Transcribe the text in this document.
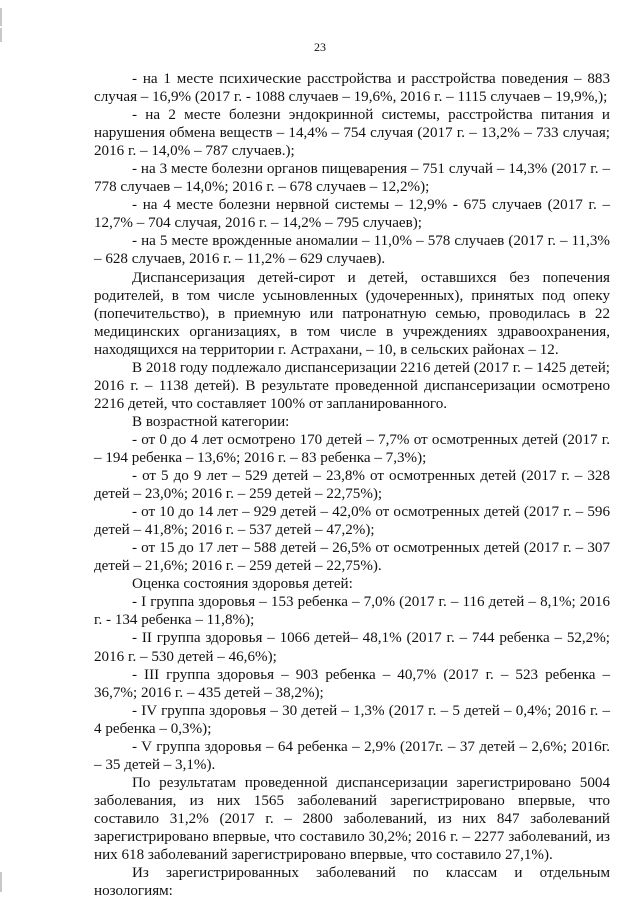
23

- на 1 месте психические расстройства и расстройства поведения – 883 случая – 16,9% (2017 г. - 1088 случаев – 19,6%, 2016 г. – 1115 случаев – 19,9%,);

- на 2 месте болезни эндокринной системы, расстройства питания и нарушения обмена веществ – 14,4% – 754 случая (2017 г. – 13,2% – 733 случая; 2016 г. – 14,0% – 787 случаев.);

- на 3 месте болезни органов пищеварения – 751 случай – 14,3% (2017 г. – 778 случаев – 14,0%; 2016 г. – 678 случаев – 12,2%);

- на 4 месте болезни нервной системы – 12,9% - 675 случаев (2017 г. – 12,7% – 704 случая, 2016 г. – 14,2% – 795 случаев);

- на 5 месте врожденные аномалии – 11,0% – 578 случаев (2017 г. – 11,3% – 628 случаев, 2016 г. – 11,2% – 629 случаев).

Диспансеризация детей-сирот и детей, оставшихся без попечения родителей, в том числе усыновленных (удочеренных), принятых под опеку (попечительство), в приемную или патронатную семью, проводилась в 22 медицинских организациях, в том числе в учреждениях здравоохранения, находящихся на территории г. Астрахани, – 10, в сельских районах – 12.

В 2018 году подлежало диспансеризации 2216 детей (2017 г. – 1425 детей; 2016 г. – 1138 детей). В результате проведенной диспансеризации осмотрено 2216 детей, что составляет 100% от запланированного.

В возрастной категории:

- от 0 до 4 лет осмотрено 170 детей – 7,7% от осмотренных детей (2017 г. – 194 ребенка – 13,6%; 2016 г. – 83 ребенка – 7,3%);

- от 5 до 9 лет – 529 детей – 23,8% от осмотренных детей (2017 г. – 328 детей – 23,0%; 2016 г. – 259 детей – 22,75%);

- от 10 до 14 лет – 929 детей – 42,0% от осмотренных детей (2017 г. – 596 детей – 41,8%; 2016 г. – 537 детей – 47,2%);

- от 15 до 17 лет – 588 детей – 26,5% от осмотренных детей (2017 г. – 307 детей – 21,6%; 2016 г. – 259 детей – 22,75%).

Оценка состояния здоровья детей:

- I группа здоровья – 153 ребенка – 7,0% (2017 г. – 116 детей – 8,1%; 2016 г. - 134 ребенка – 11,8%);

- II группа здоровья – 1066 детей– 48,1% (2017 г. – 744 ребенка – 52,2%; 2016 г. – 530 детей – 46,6%);

- III группа здоровья – 903 ребенка – 40,7% (2017 г. – 523 ребенка – 36,7%; 2016 г. – 435 детей – 38,2%);

- IV группа здоровья – 30 детей – 1,3% (2017 г. – 5 детей – 0,4%; 2016 г. – 4 ребенка – 0,3%);

- V группа здоровья – 64 ребенка – 2,9% (2017г. – 37 детей – 2,6%; 2016г. – 35 детей – 3,1%).

По результатам проведенной диспансеризации зарегистрировано 5004 заболевания, из них 1565 заболеваний зарегистрировано впервые, что составило 31,2% (2017 г. – 2800 заболеваний, из них 847 заболеваний зарегистрировано впервые, что составило 30,2%; 2016 г. – 2277 заболеваний, из них 618 заболеваний зарегистрировано впервые, что составило 27,1%).

Из зарегистрированных заболеваний по классам и отдельным нозологиям:
